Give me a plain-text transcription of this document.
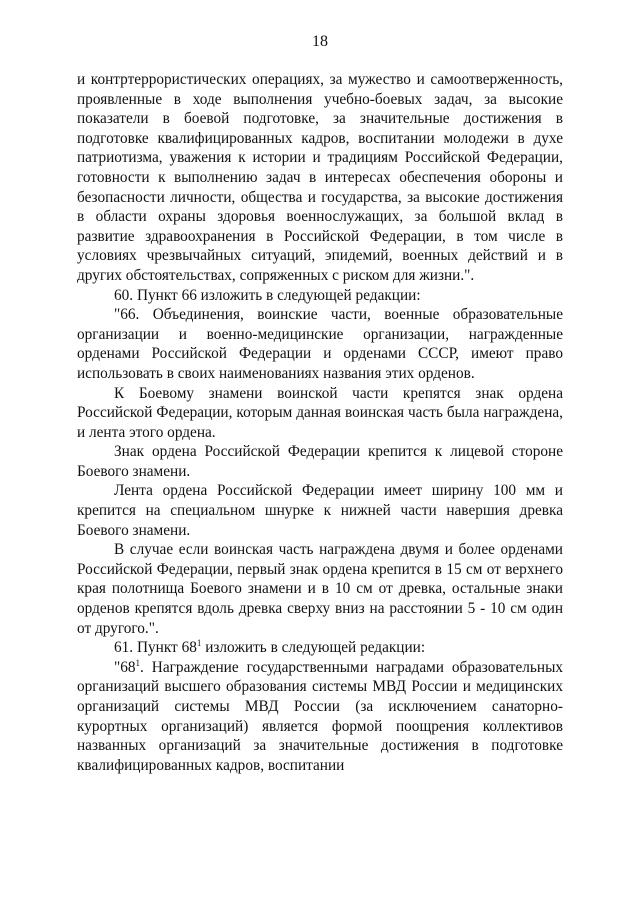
18

и контртеррористических операциях, за мужество и самоотверженность, проявленные в ходе выполнения учебно-боевых задач, за высокие показатели в боевой подготовке, за значительные достижения в подготовке квалифицированных кадров, воспитании молодежи в духе патриотизма, уважения к истории и традициям Российской Федерации, готовности к выполнению задач в интересах обеспечения обороны и безопасности личности, общества и государства, за высокие достижения в области охраны здоровья военнослужащих, за большой вклад в развитие здравоохранения в Российской Федерации, в том числе в условиях чрезвычайных ситуаций, эпидемий, военных действий и в других обстоятельствах, сопряженных с риском для жизни.".

60. Пункт 66 изложить в следующей редакции:

"66. Объединения, воинские части, военные образовательные организации и военно-медицинские организации, награжденные орденами Российской Федерации и орденами СССР, имеют право использовать в своих наименованиях названия этих орденов.

К Боевому знамени воинской части крепятся знак ордена Российской Федерации, которым данная воинская часть была награждена, и лента этого ордена.

Знак ордена Российской Федерации крепится к лицевой стороне Боевого знамени.

Лента ордена Российской Федерации имеет ширину 100 мм и крепится на специальном шнурке к нижней части навершия древка Боевого знамени.

В случае если воинская часть награждена двумя и более орденами Российской Федерации, первый знак ордена крепится в 15 см от верхнего края полотнища Боевого знамени и в 10 см от древка, остальные знаки орденов крепятся вдоль древка сверху вниз на расстоянии 5 - 10 см один от другого.".

61. Пункт $68^1$ изложить в следующей редакции:

"$68^1$. Награждение государственными наградами образовательных организаций высшего образования системы МВД России и медицинских организаций системы МВД России (за исключением санаторно-курортных организаций) является формой поощрения коллективов названных организаций за значительные достижения в подготовке квалифицированных кадров, воспитании
